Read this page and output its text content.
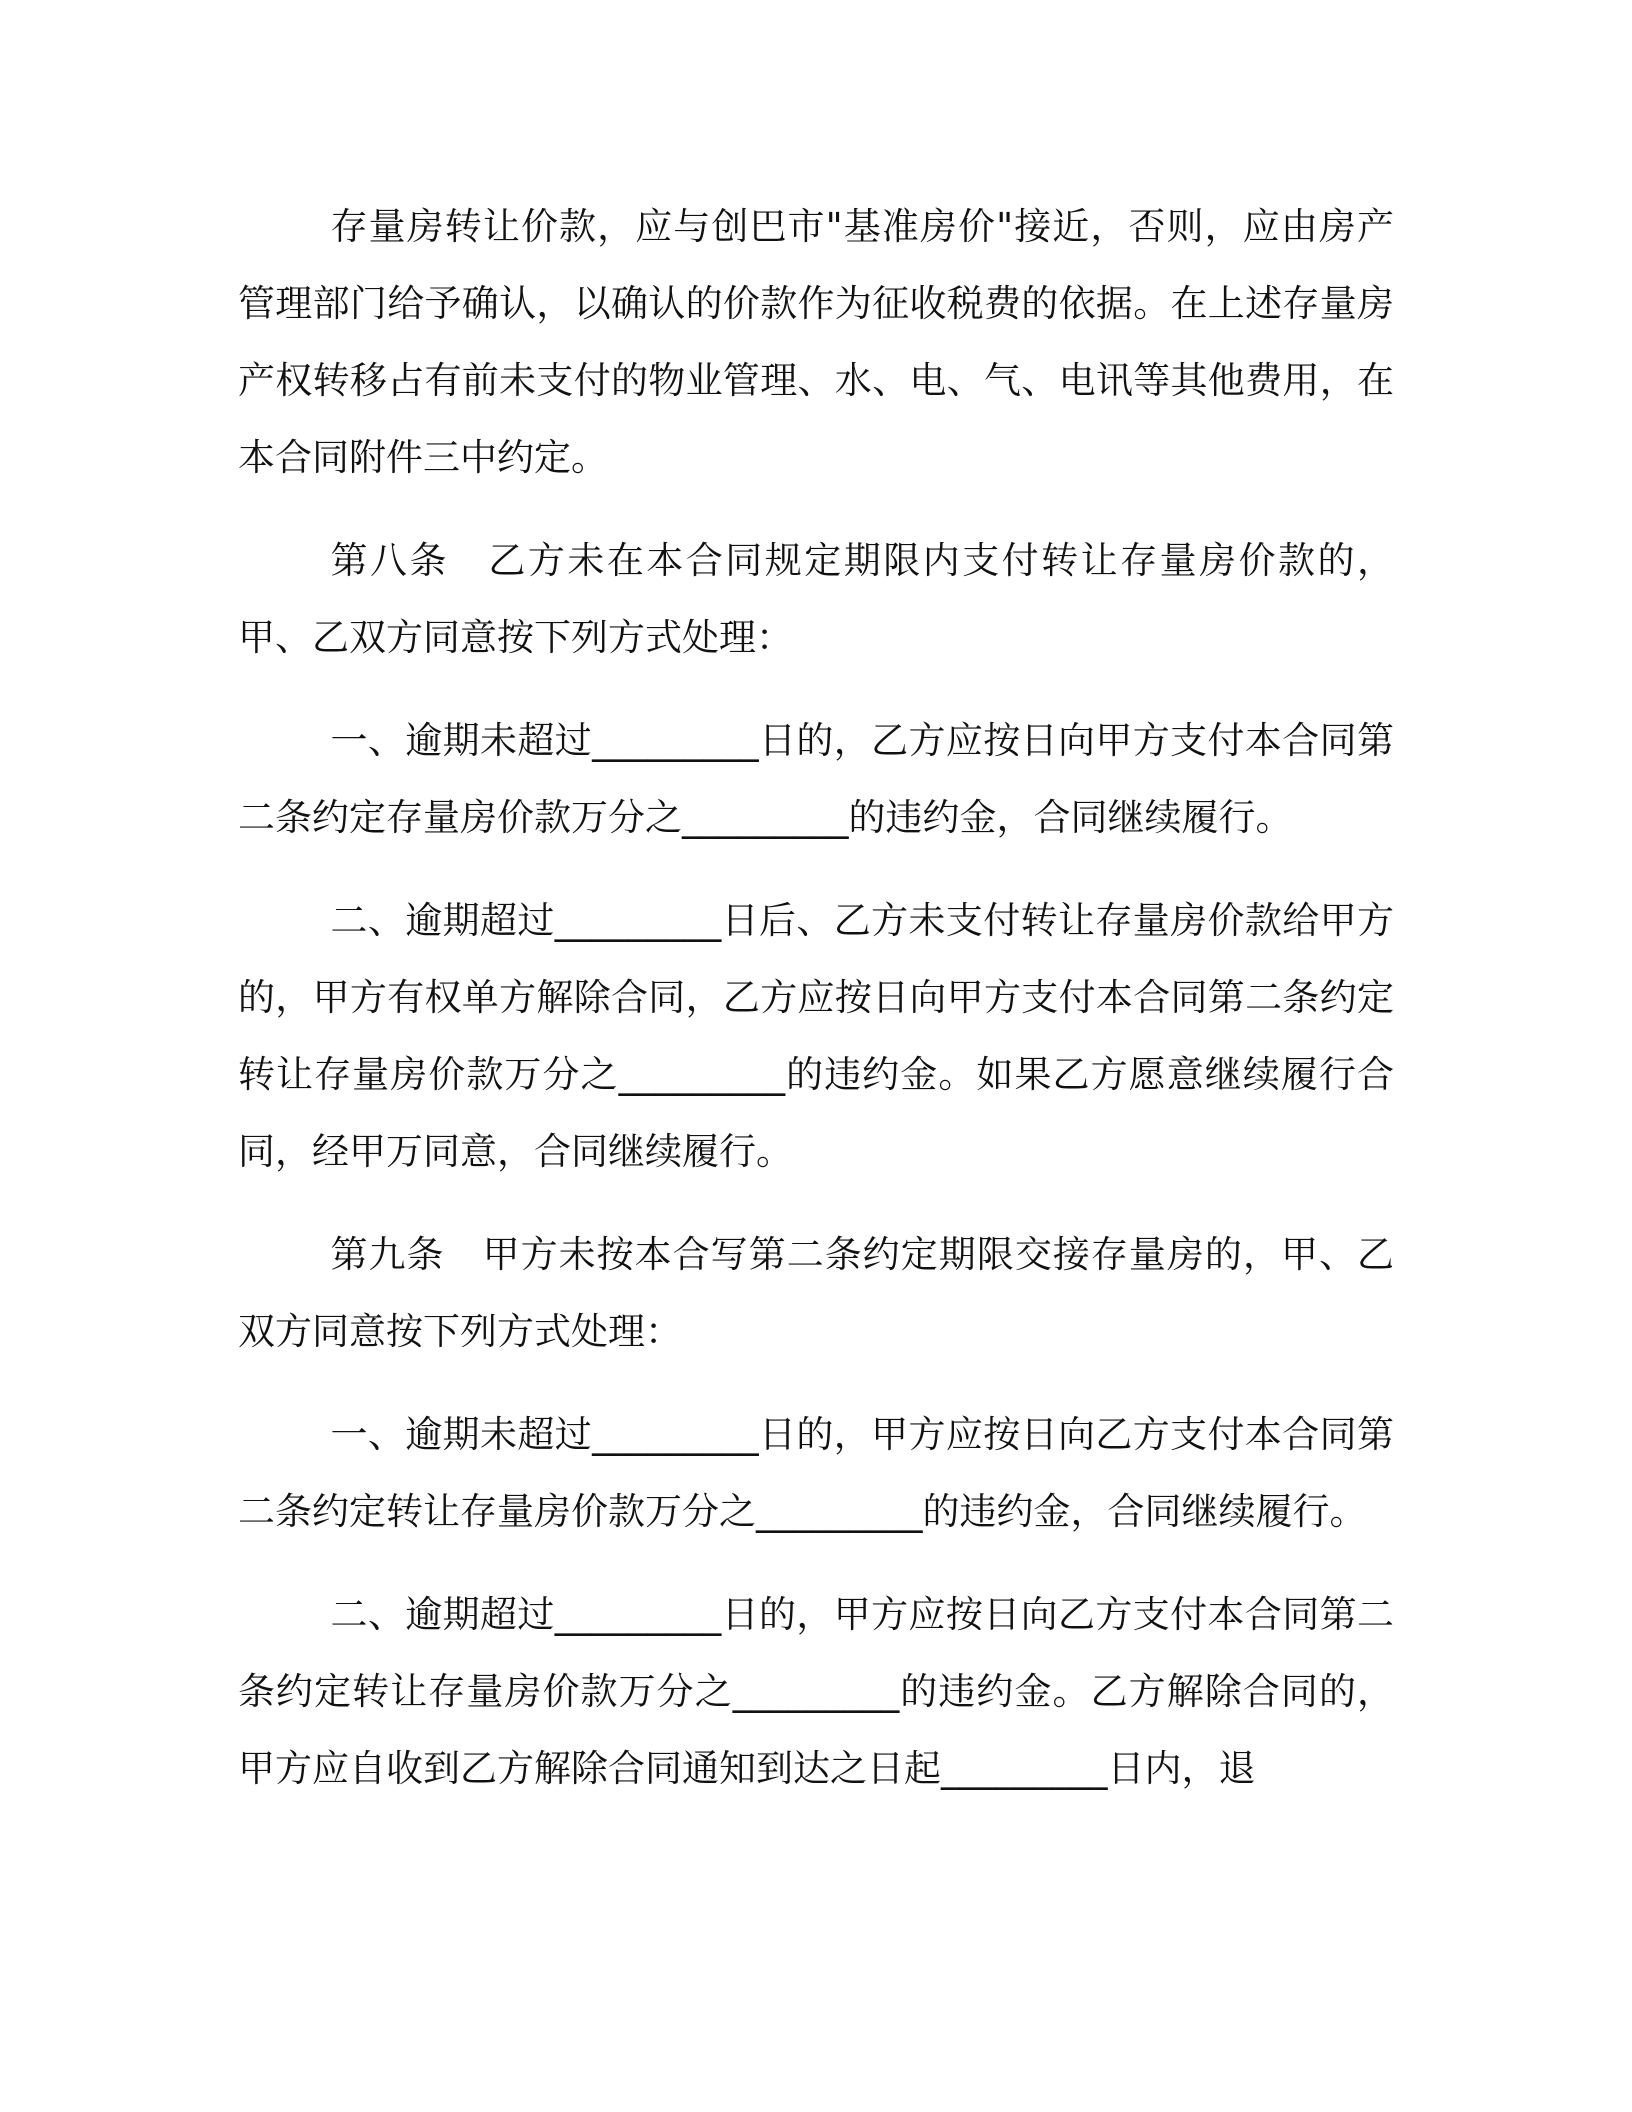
存量房转让价款，应与创巴市"基准房价"接近，否则，应由房产管理部门给予确认，以确认的价款作为征收税费的依据。在上述存量房产权转移占有前未支付的物业管理、水、电、气、电讯等其他费用，在本合同附件三中约定。

第八条　乙方未在本合同规定期限内支付转让存量房价款的，甲、乙双方同意按下列方式处理：

一、逾期未超过_________日的，乙方应按日向甲方支付本合同第二条约定存量房价款万分之_________的违约金，合同继续履行。

二、逾期超过_________日后、乙方未支付转让存量房价款给甲方的，甲方有权单方解除合同，乙方应按日向甲方支付本合同第二条约定转让存量房价款万分之_________的违约金。如果乙方愿意继续履行合同，经甲万同意，合同继续履行。

第九条　甲方未按本合写第二条约定期限交接存量房的，甲、乙双方同意按下列方式处理：

一、逾期未超过_________日的，甲方应按日向乙方支付本合同第二条约定转让存量房价款万分之_________的违约金，合同继续履行。

二、逾期超过_________日的，甲方应按日向乙方支付本合同第二条约定转让存量房价款万分之_________的违约金。乙方解除合同的，甲方应自收到乙方解除合同通知到达之日起_________日内，退
